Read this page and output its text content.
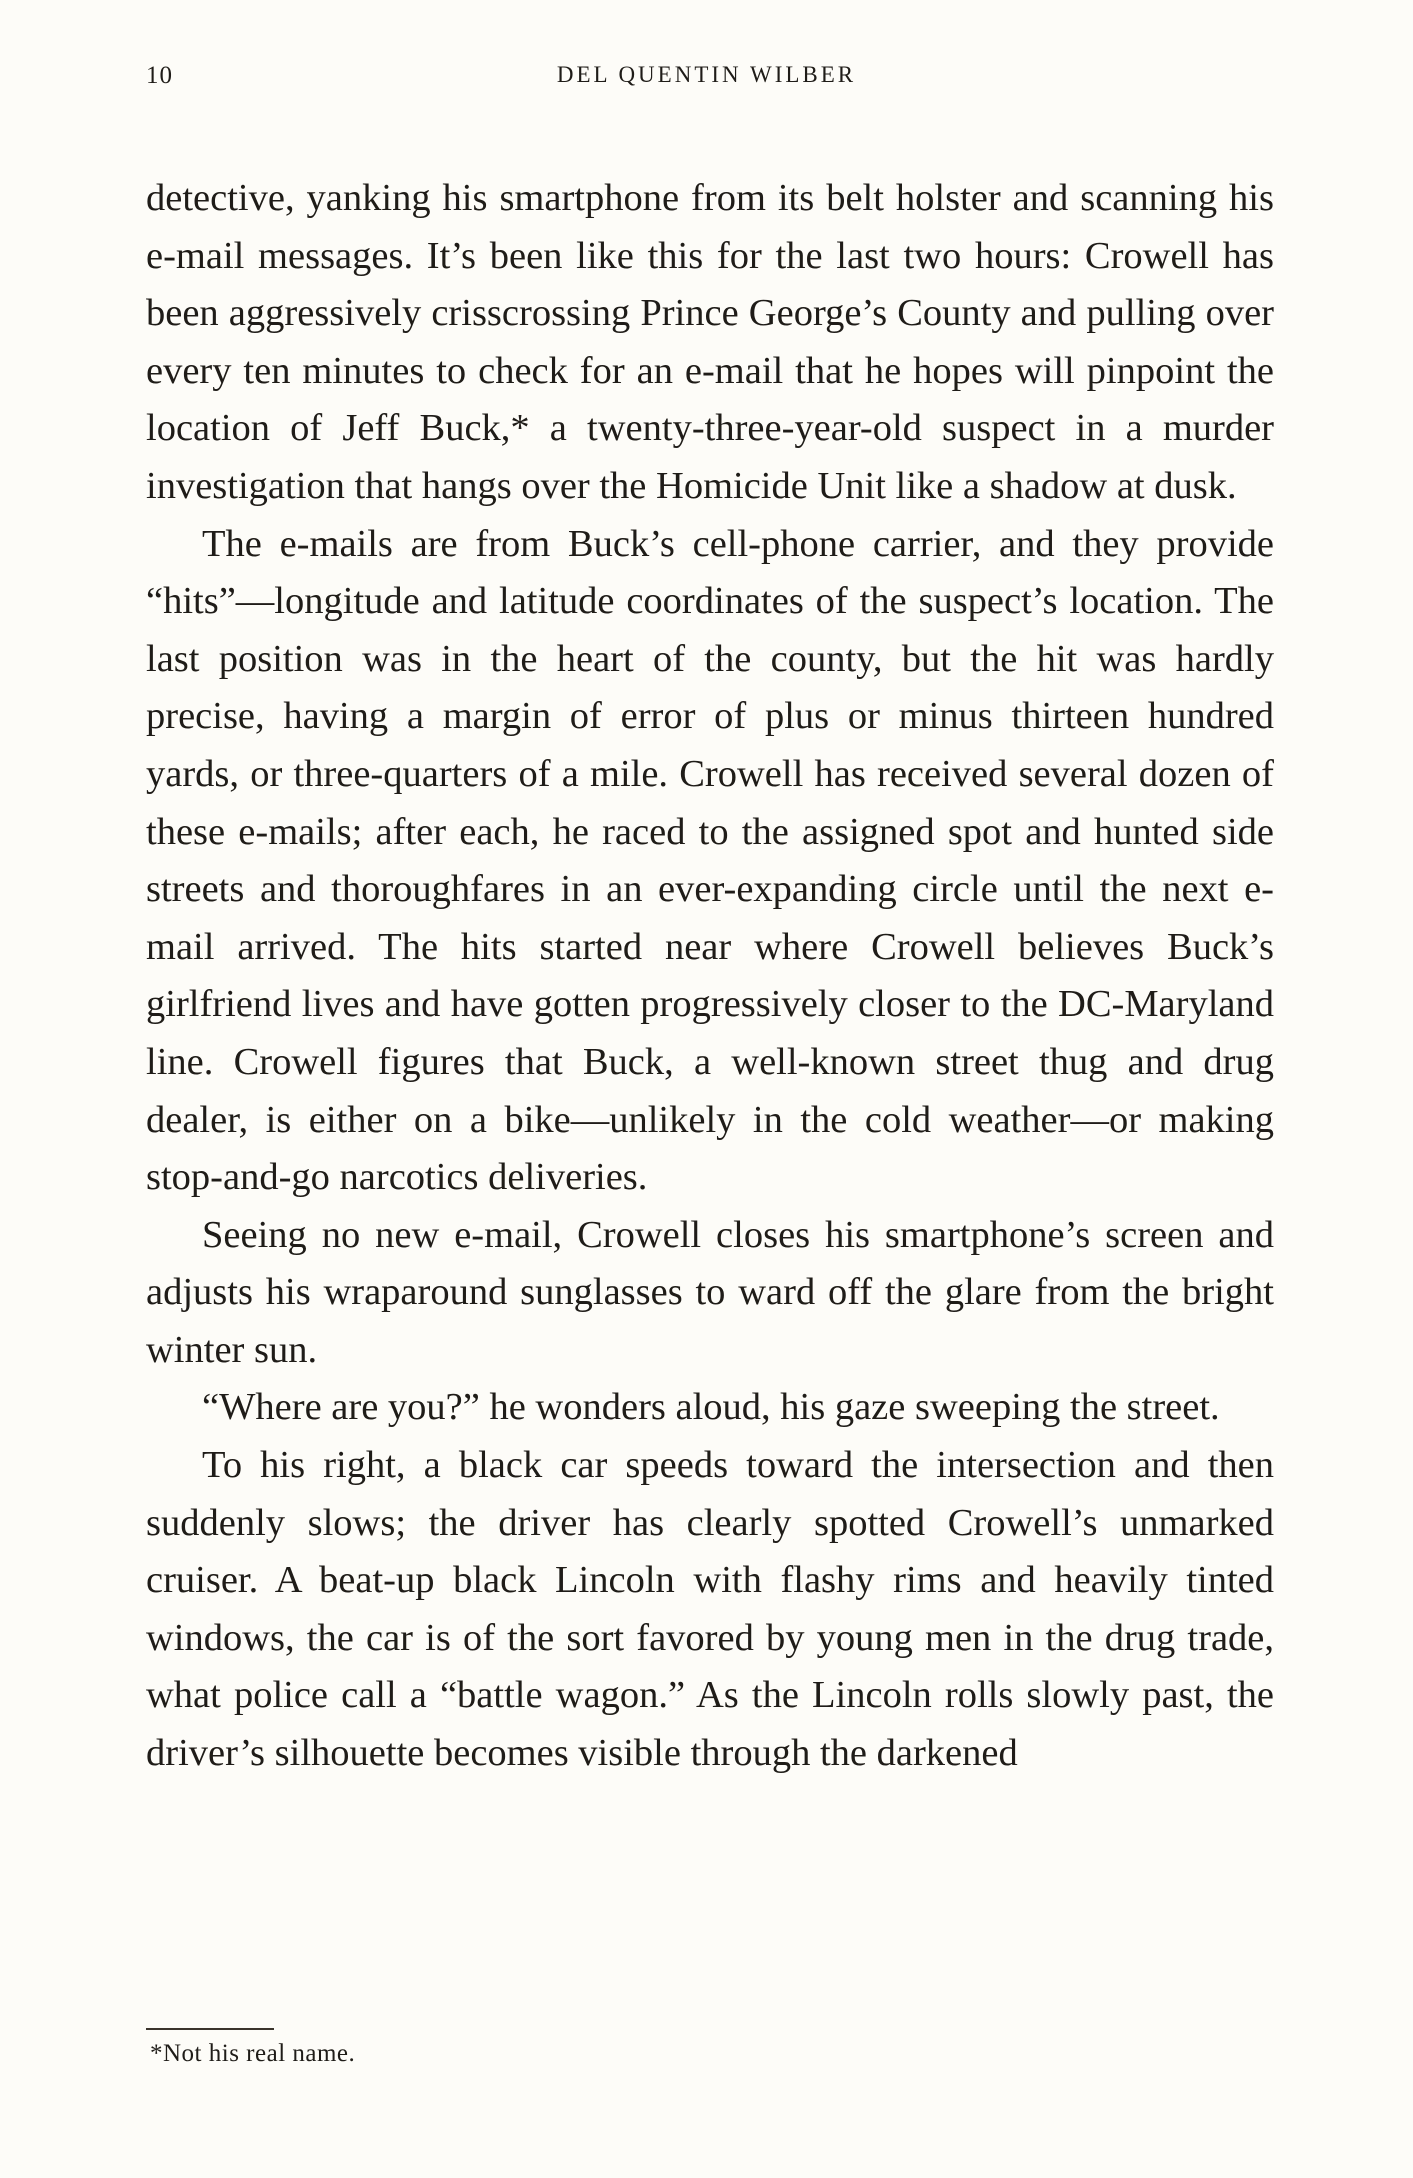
10	DEL QUENTIN WILBER

detective, yanking his smartphone from its belt holster and scanning his e-mail messages. It’s been like this for the last two hours: Crowell has been aggressively crisscrossing Prince George’s County and pulling over every ten minutes to check for an e-mail that he hopes will pinpoint the location of Jeff Buck,* a twenty-three-year-old suspect in a murder investigation that hangs over the Homicide Unit like a shadow at dusk.

The e-mails are from Buck’s cell-phone carrier, and they provide “hits”—longitude and latitude coordinates of the suspect’s location. The last position was in the heart of the county, but the hit was hardly precise, having a margin of error of plus or minus thirteen hundred yards, or three-quarters of a mile. Crowell has received several dozen of these e-mails; after each, he raced to the assigned spot and hunted side streets and thoroughfares in an ever-expanding circle until the next e-mail arrived. The hits started near where Crowell believes Buck’s girlfriend lives and have gotten progressively closer to the DC-Maryland line. Crowell figures that Buck, a well-known street thug and drug dealer, is either on a bike—unlikely in the cold weather—or making stop-and-go narcotics deliveries.

Seeing no new e-mail, Crowell closes his smartphone’s screen and adjusts his wraparound sunglasses to ward off the glare from the bright winter sun.

“Where are you?” he wonders aloud, his gaze sweeping the street.

To his right, a black car speeds toward the intersection and then suddenly slows; the driver has clearly spotted Crowell’s unmarked cruiser. A beat-up black Lincoln with flashy rims and heavily tinted windows, the car is of the sort favored by young men in the drug trade, what police call a “battle wagon.” As the Lincoln rolls slowly past, the driver’s silhouette becomes visible through the darkened

*Not his real name.
